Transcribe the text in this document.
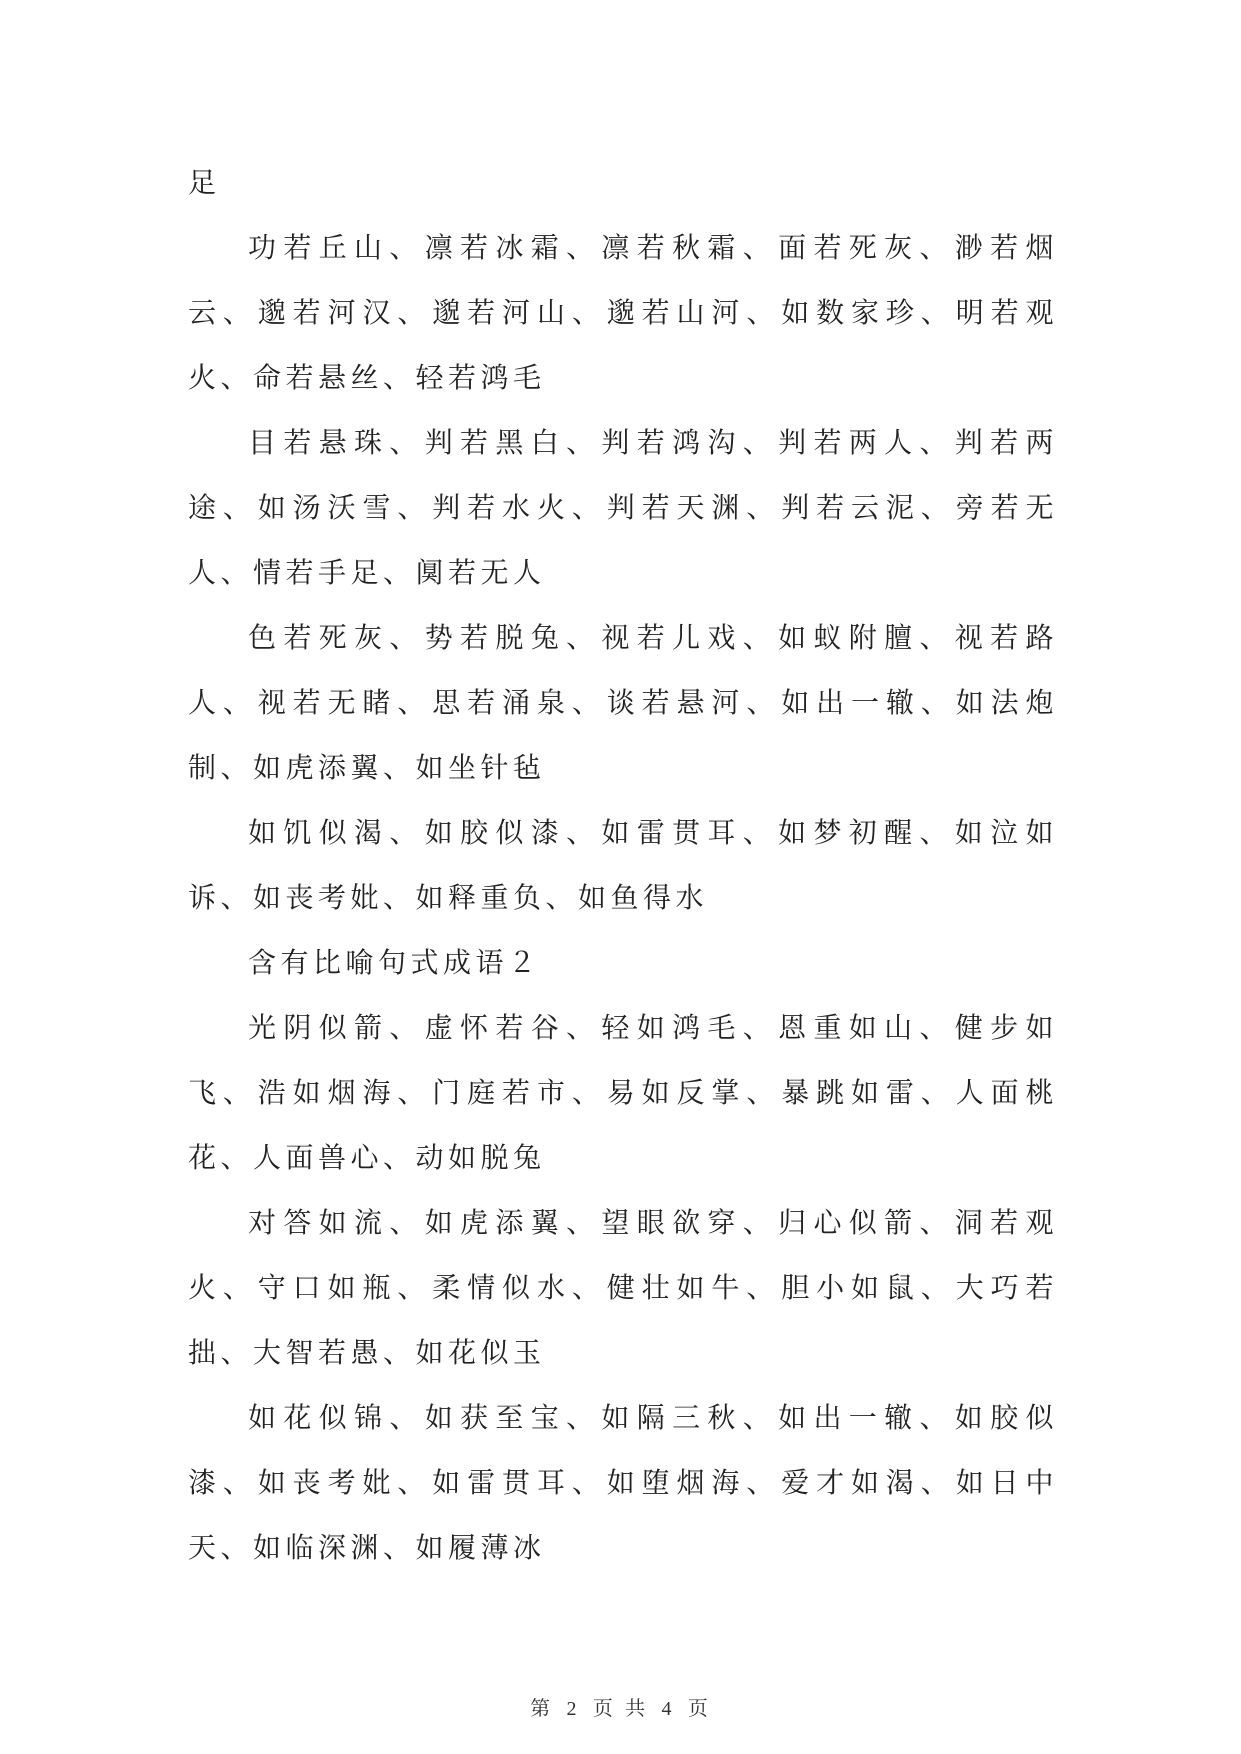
足

功若丘山、凛若冰霜、凛若秋霜、面若死灰、渺若烟云、邈若河汉、邈若河山、邈若山河、如数家珍、明若观火、命若悬丝、轻若鸿毛

目若悬珠、判若黑白、判若鸿沟、判若两人、判若两途、如汤沃雪、判若水火、判若天渊、判若云泥、旁若无人、情若手足、阒若无人

色若死灰、势若脱兔、视若儿戏、如蚁附膻、视若路人、视若无睹、思若涌泉、谈若悬河、如出一辙、如法炮制、如虎添翼、如坐针毡

如饥似渴、如胶似漆、如雷贯耳、如梦初醒、如泣如诉、如丧考妣、如释重负、如鱼得水

含有比喻句式成语２

光阴似箭、虚怀若谷、轻如鸿毛、恩重如山、健步如飞、浩如烟海、门庭若市、易如反掌、暴跳如雷、人面桃花、人面兽心、动如脱兔

对答如流、如虎添翼、望眼欲穿、归心似箭、洞若观火、守口如瓶、柔情似水、健壮如牛、胆小如鼠、大巧若拙、大智若愚、如花似玉

如花似锦、如获至宝、如隔三秋、如出一辙、如胶似漆、如丧考妣、如雷贯耳、如堕烟海、爱才如渴、如日中天、如临深渊、如履薄冰

第 2 页 共 4 页
